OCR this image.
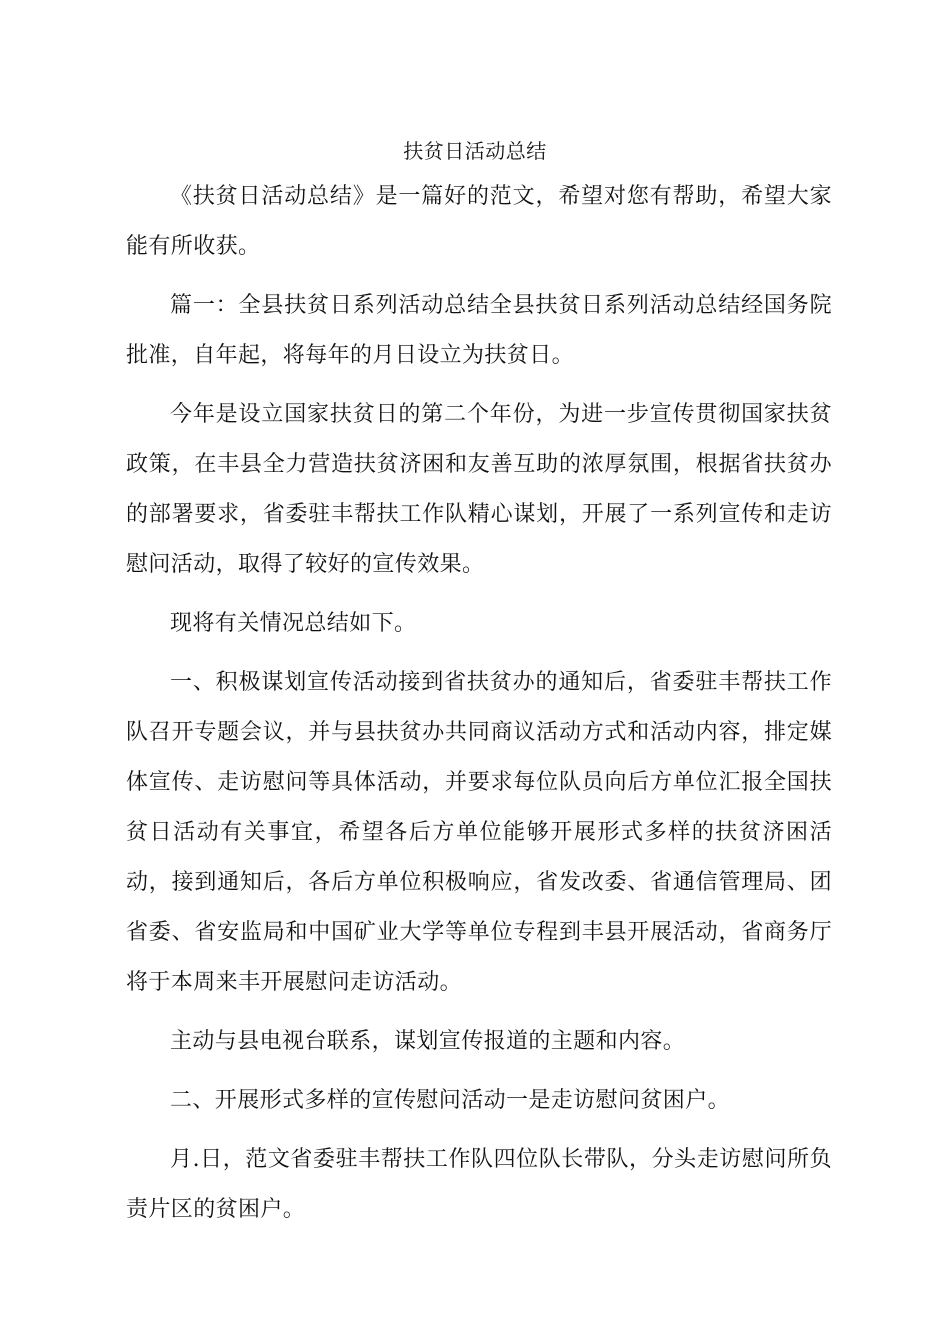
扶贫日活动总结

《扶贫日活动总结》是一篇好的范文，希望对您有帮助，希望大家能有所收获。

篇一：全县扶贫日系列活动总结全县扶贫日系列活动总结经国务院批准，自年起，将每年的月日设立为扶贫日。

今年是设立国家扶贫日的第二个年份，为进一步宣传贯彻国家扶贫政策，在丰县全力营造扶贫济困和友善互助的浓厚氛围，根据省扶贫办的部署要求，省委驻丰帮扶工作队精心谋划，开展了一系列宣传和走访慰问活动，取得了较好的宣传效果。

现将有关情况总结如下。

一、积极谋划宣传活动接到省扶贫办的通知后，省委驻丰帮扶工作队召开专题会议，并与县扶贫办共同商议活动方式和活动内容，排定媒体宣传、走访慰问等具体活动，并要求每位队员向后方单位汇报全国扶贫日活动有关事宜，希望各后方单位能够开展形式多样的扶贫济困活动，接到通知后，各后方单位积极响应，省发改委、省通信管理局、团省委、省安监局和中国矿业大学等单位专程到丰县开展活动，省商务厅将于本周来丰开展慰问走访活动。

主动与县电视台联系，谋划宣传报道的主题和内容。

二、开展形式多样的宣传慰问活动一是走访慰问贫困户。

月.日，范文省委驻丰帮扶工作队四位队长带队，分头走访慰问所负责片区的贫困户。
